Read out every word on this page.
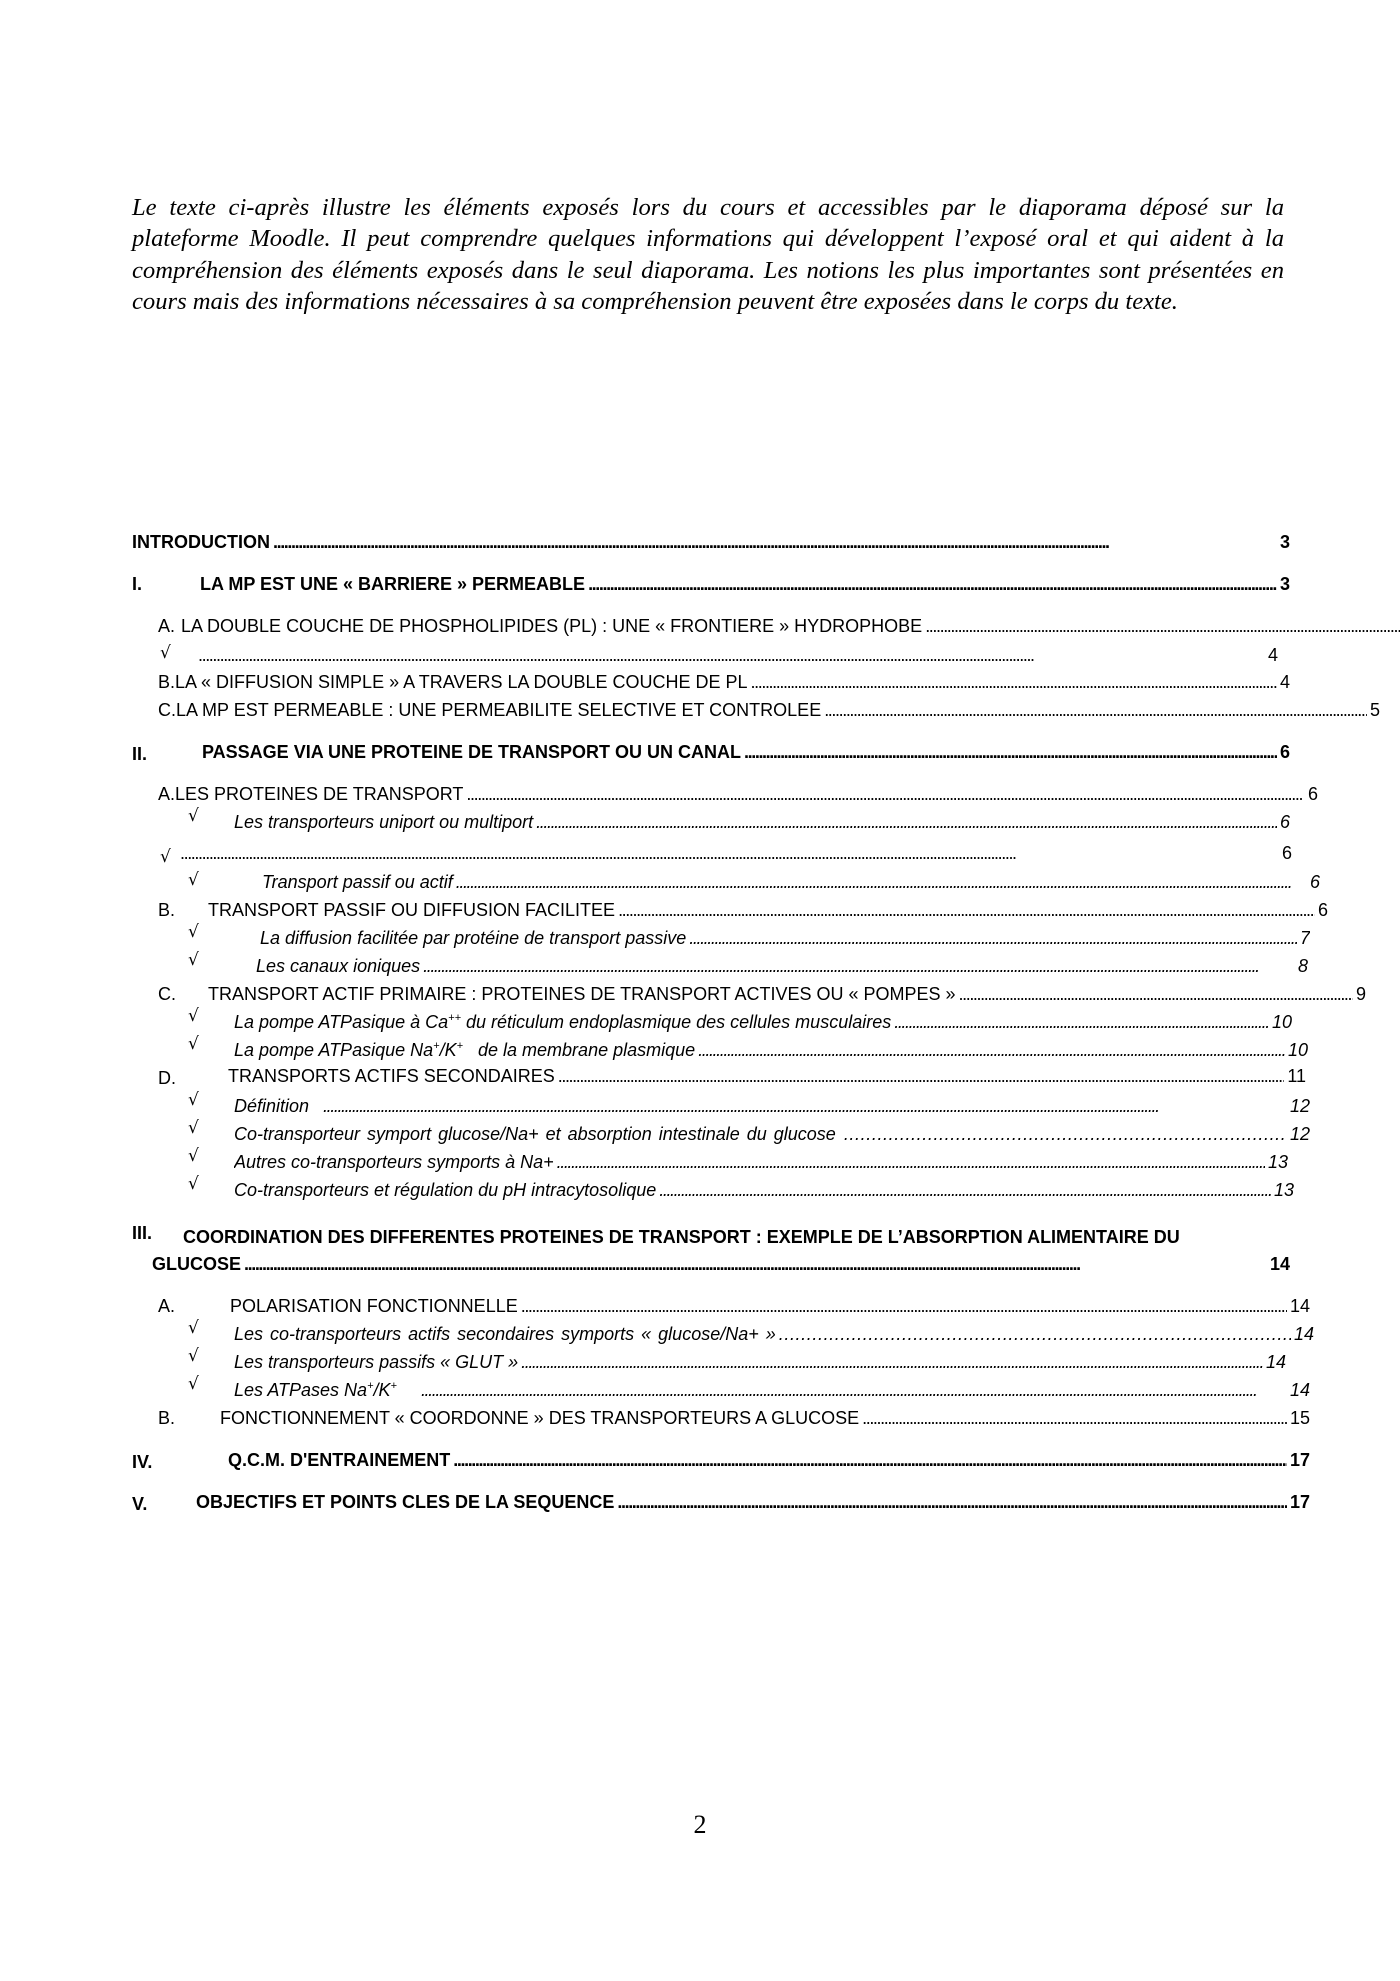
Le texte ci-après illustre les éléments exposés lors du cours et accessibles par le diaporama déposé sur la plateforme Moodle. Il peut comprendre quelques informations qui développent l’exposé oral et qui aident à la compréhension des éléments exposés dans le seul diaporama. Les notions les plus importantes sont présentées en cours mais des informations nécessaires à sa compréhension peuvent être exposées dans le corps du texte.

INTRODUCTION . . .	3
I.	LA MP EST UNE « BARRIERE » PERMEABLE . . .	3
A. LA DOUBLE COUCHE DE PHOSPHOLIPIDES (PL) : UNE « FRONTIERE » HYDROPHOBE
. . .
√ . . .	4
B. LA « DIFFUSION SIMPLE » A TRAVERS LA DOUBLE COUCHE DE PL . . .	4
C. LA MP EST PERMEABLE : UNE PERMEABILITE SELECTIVE ET CONTROLEE . . .	5
II.	PASSAGE VIA UNE PROTEINE DE TRANSPORT OU UN CANAL . . .	6
A. LES PROTEINES DE TRANSPORT . . .	6
√ Les transporteurs uniport ou multiport . . .	6
√ . . .	6
√	Transport passif ou actif . . .	6
B. TRANSPORT PASSIF OU DIFFUSION FACILITEE . . .	6
√	La diffusion facilitée par protéine de transport passive . . .	7
√	Les canaux ioniques . . .	8
C. TRANSPORT ACTIF PRIMAIRE : PROTEINES DE TRANSPORT ACTIVES OU « POMPES » . . .	9
√ La pompe ATPasique à Ca++ du réticulum endoplasmique des cellules musculaires . . .	10
√ La pompe ATPasique Na+/K+   de la membrane plasmique . . .	10
D.	TRANSPORTS ACTIFS SECONDAIRES . . .	11
√ Définition . . .	12
√ Co-transporteur symport glucose/Na+ et absorption intestinale du glucose . . .	12
√ Autres co-transporteurs symports à Na+ . . .	13
√ Co-transporteurs et régulation du pH intracytosolique . . .	13
III. COORDINATION DES DIFFERENTES PROTEINES DE TRANSPORT : EXEMPLE DE L’ABSORPTION ALIMENTAIRE DU
GLUCOSE . . .	14
A.	POLARISATION FONCTIONNELLE . . .	14
√ Les co-transporteurs actifs secondaires symports « glucose/Na+ » . . .	14
√ Les transporteurs passifs « GLUT » . . .	14
√ Les ATPases Na+/K+ . . .	14
B. FONCTIONNEMENT « COORDONNE » DES TRANSPORTEURS A GLUCOSE . . .	15
IV.	Q.C.M. D'ENTRAINEMENT . . .	17
V.	OBJECTIFS ET POINTS CLES DE LA SEQUENCE . . .	17
2
